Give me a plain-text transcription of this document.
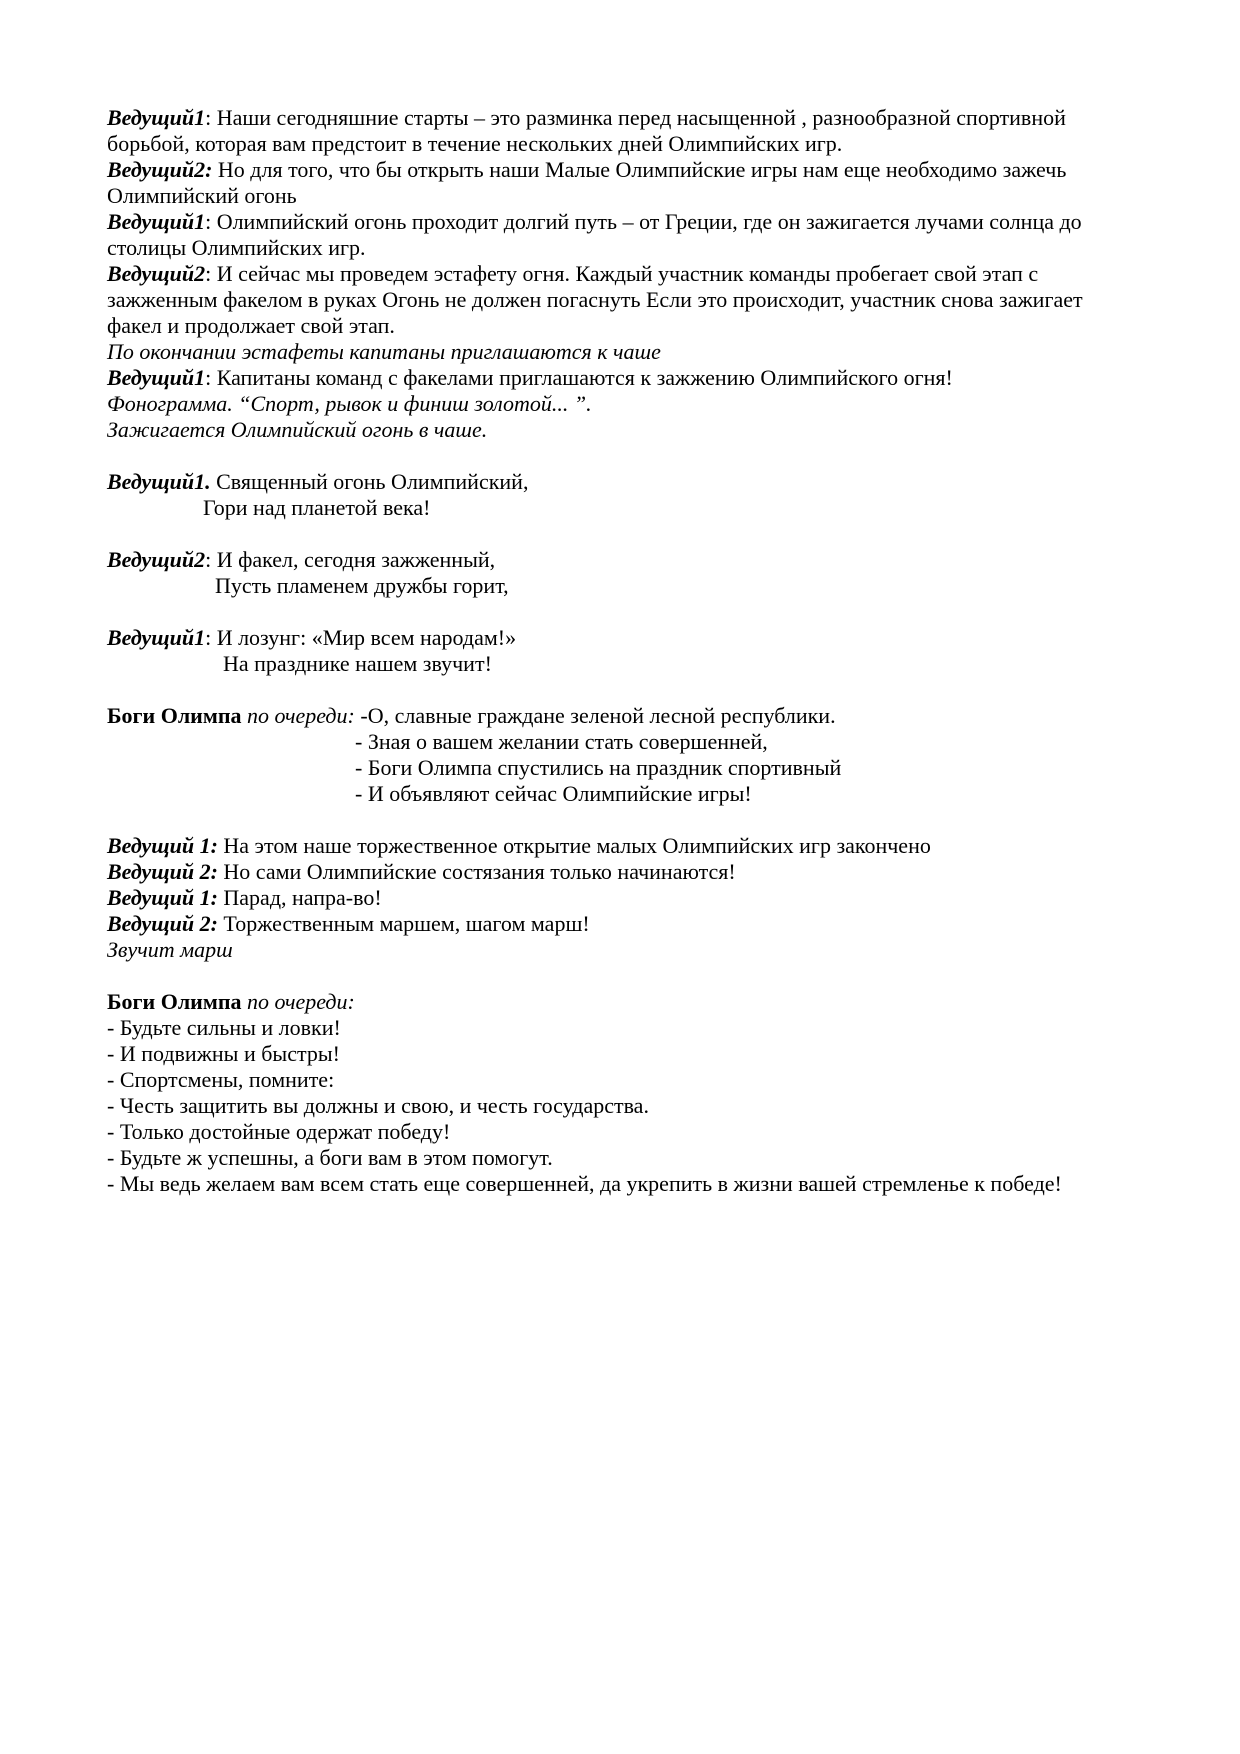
Ведущий1: Наши сегодняшние старты – это разминка перед насыщенной , разнообразной спортивной борьбой, которая вам предстоит в течение нескольких дней Олимпийских игр.
Ведущий2: Но для того, что бы открыть наши Малые Олимпийские игры нам еще необходимо зажечь Олимпийский огонь
Ведущий1: Олимпийский огонь проходит долгий путь – от Греции, где он зажигается лучами солнца до столицы Олимпийских игр.
Ведущий2: И сейчас мы проведем эстафету огня. Каждый участник команды пробегает свой этап с зажженным факелом в руках Огонь не должен погаснуть Если это происходит, участник снова зажигает факел и продолжает свой этап.
По окончании эстафеты капитаны приглашаются к чаше
Ведущий1: Капитаны команд с факелами приглашаются к зажжению Олимпийского огня!
Фонограмма. “Спорт, рывок и финиш золотой... ”.
Зажигается Олимпийский огонь в чаше.
Ведущий1. Священный огонь Олимпийский,
Гори над планетой века!
Ведущий2: И факел, сегодня зажженный,
Пусть пламенем дружбы горит,
Ведущий1: И лозунг: «Мир всем народам!»
На празднике нашем звучит!
Боги Олимпа по очереди: -О, славные граждане зеленой лесной республики.
- Зная о вашем желании стать совершенней,
- Боги Олимпа спустились на праздник спортивный
- И объявляют сейчас Олимпийские игры!
Ведущий 1: На этом наше торжественное открытие малых Олимпийских игр закончено
Ведущий 2: Но сами Олимпийские состязания только начинаются!
Ведущий 1: Парад, напра-во!
Ведущий 2: Торжественным маршем, шагом марш!
Звучит марш
Боги Олимпа по очереди:
- Будьте сильны и ловки!
- И подвижны и быстры!
- Спортсмены, помните:
- Честь защитить вы должны и свою, и честь государства.
- Только достойные одержат победу!
- Будьте ж успешны, а боги вам в этом помогут.
- Мы ведь желаем вам всем стать еще совершенней, да укрепить в жизни вашей стремленье к победе!
